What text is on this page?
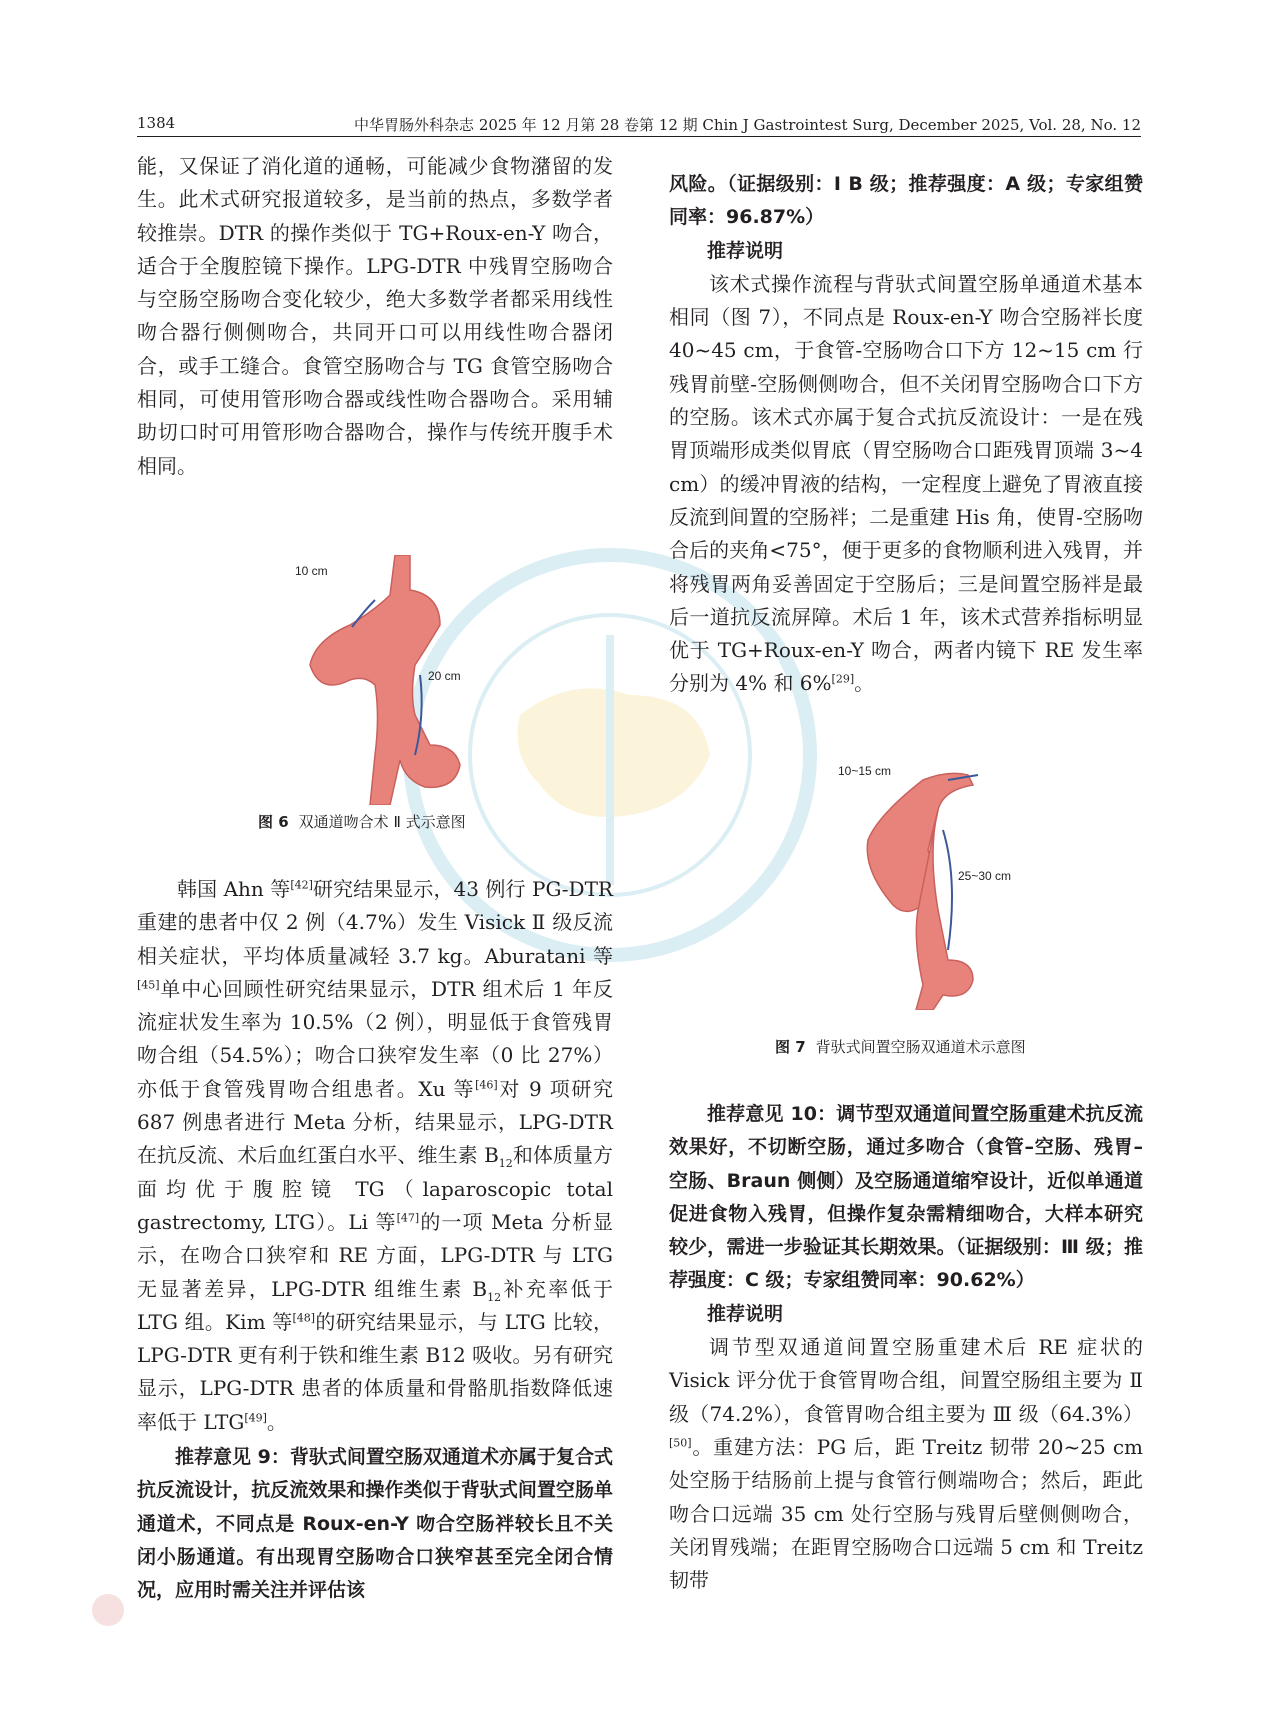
1384	中华胃肠外科杂志 2025 年 12 月第 28 卷第 12 期 Chin J Gastrointest Surg, December 2025, Vol. 28, No. 12

能，又保证了消化道的通畅，可能减少食物潴留的发生。此术式研究报道较多，是当前的热点，多数学者较推崇。DTR 的操作类似于 TG+Roux-en-Y 吻合，适合于全腹腔镜下操作。LPG-DTR 中残胃空肠吻合与空肠空肠吻合变化较少，绝大多数学者都采用线性吻合器行侧侧吻合，共同开口可以用线性吻合器闭合，或手工缝合。食管空肠吻合与 TG 食管空肠吻合相同，可使用管形吻合器或线性吻合器吻合。采用辅助切口时可用管形吻合器吻合，操作与传统开腹手术相同。

10 cm
20 cm
图 6 双通道吻合术 Ⅱ 式示意图

韩国 Ahn 等[42]研究结果显示，43 例行 PG-DTR 重建的患者中仅 2 例（4.7%）发生 Visick Ⅱ 级反流相关症状，平均体质量减轻 3.7 kg。Aburatani 等[45]单中心回顾性研究结果显示，DTR 组术后 1 年反流症状发生率为 10.5%（2 例），明显低于食管残胃吻合组（54.5%）；吻合口狭窄发生率（0 比 27%）亦低于食管残胃吻合组患者。Xu 等[46]对 9 项研究 687 例患者进行 Meta 分析，结果显示，LPG-DTR 在抗反流、术后血红蛋白水平、维生素 $B_{12}$和体质量方面均优于腹腔镜 TG（laparoscopic total gastrectomy, LTG）。Li 等[47]的一项 Meta 分析显示，在吻合口狭窄和 RE 方面，LPG-DTR 与 LTG 无显著差异，LPG-DTR 组维生素 $B_{12}$补充率低于 LTG 组。Kim 等[48]的研究结果显示，与 LTG 比较，LPG-DTR 更有利于铁和维生素 B12 吸收。另有研究显示，LPG-DTR 患者的体质量和骨骼肌指数降低速率低于 LTG[49]。

推荐意见 9：背驮式间置空肠双通道术亦属于复合式抗反流设计，抗反流效果和操作类似于背驮式间置空肠单通道术，不同点是 Roux-en-Y 吻合空肠袢较长且不关闭小肠通道。有出现胃空肠吻合口狭窄甚至完全闭合情况，应用时需关注并评估该

风险。（证据级别：Ⅰ B 级；推荐强度：A 级；专家组赞同率：96.87%）

推荐说明

该术式操作流程与背驮式间置空肠单通道术基本相同（图 7），不同点是 Roux-en-Y 吻合空肠袢长度 40~45 cm，于食管-空肠吻合口下方 12~15 cm 行残胃前壁-空肠侧侧吻合，但不关闭胃空肠吻合口下方的空肠。该术式亦属于复合式抗反流设计：一是在残胃顶端形成类似胃底（胃空肠吻合口距残胃顶端 3~4 cm）的缓冲胃液的结构，一定程度上避免了胃液直接反流到间置的空肠袢；二是重建 His 角，使胃-空肠吻合后的夹角<75°，便于更多的食物顺利进入残胃，并将残胃两角妥善固定于空肠后；三是间置空肠袢是最后一道抗反流屏障。术后 1 年，该术式营养指标明显优于 TG+Roux-en-Y 吻合，两者内镜下 RE 发生率分别为 4% 和 6%[29]。

10~15 cm
25~30 cm
图 7 背驮式间置空肠双通道术示意图

推荐意见 10：调节型双通道间置空肠重建术抗反流效果好，不切断空肠，通过多吻合（食管–空肠、残胃–空肠、Braun 侧侧）及空肠通道缩窄设计，近似单通道促进食物入残胃，但操作复杂需精细吻合，大样本研究较少，需进一步验证其长期效果。（证据级别：Ⅲ 级；推荐强度：C 级；专家组赞同率：90.62%）

推荐说明

调节型双通道间置空肠重建术后 RE 症状的 Visick 评分优于食管胃吻合组，间置空肠组主要为 Ⅱ 级（74.2%），食管胃吻合组主要为 Ⅲ 级（64.3%）[50]。重建方法：PG 后，距 Treitz 韧带 20~25 cm 处空肠于结肠前上提与食管行侧端吻合；然后，距此吻合口远端 35 cm 处行空肠与残胃后壁侧侧吻合，关闭胃残端；在距胃空肠吻合口远端 5 cm 和 Treitz 韧带
